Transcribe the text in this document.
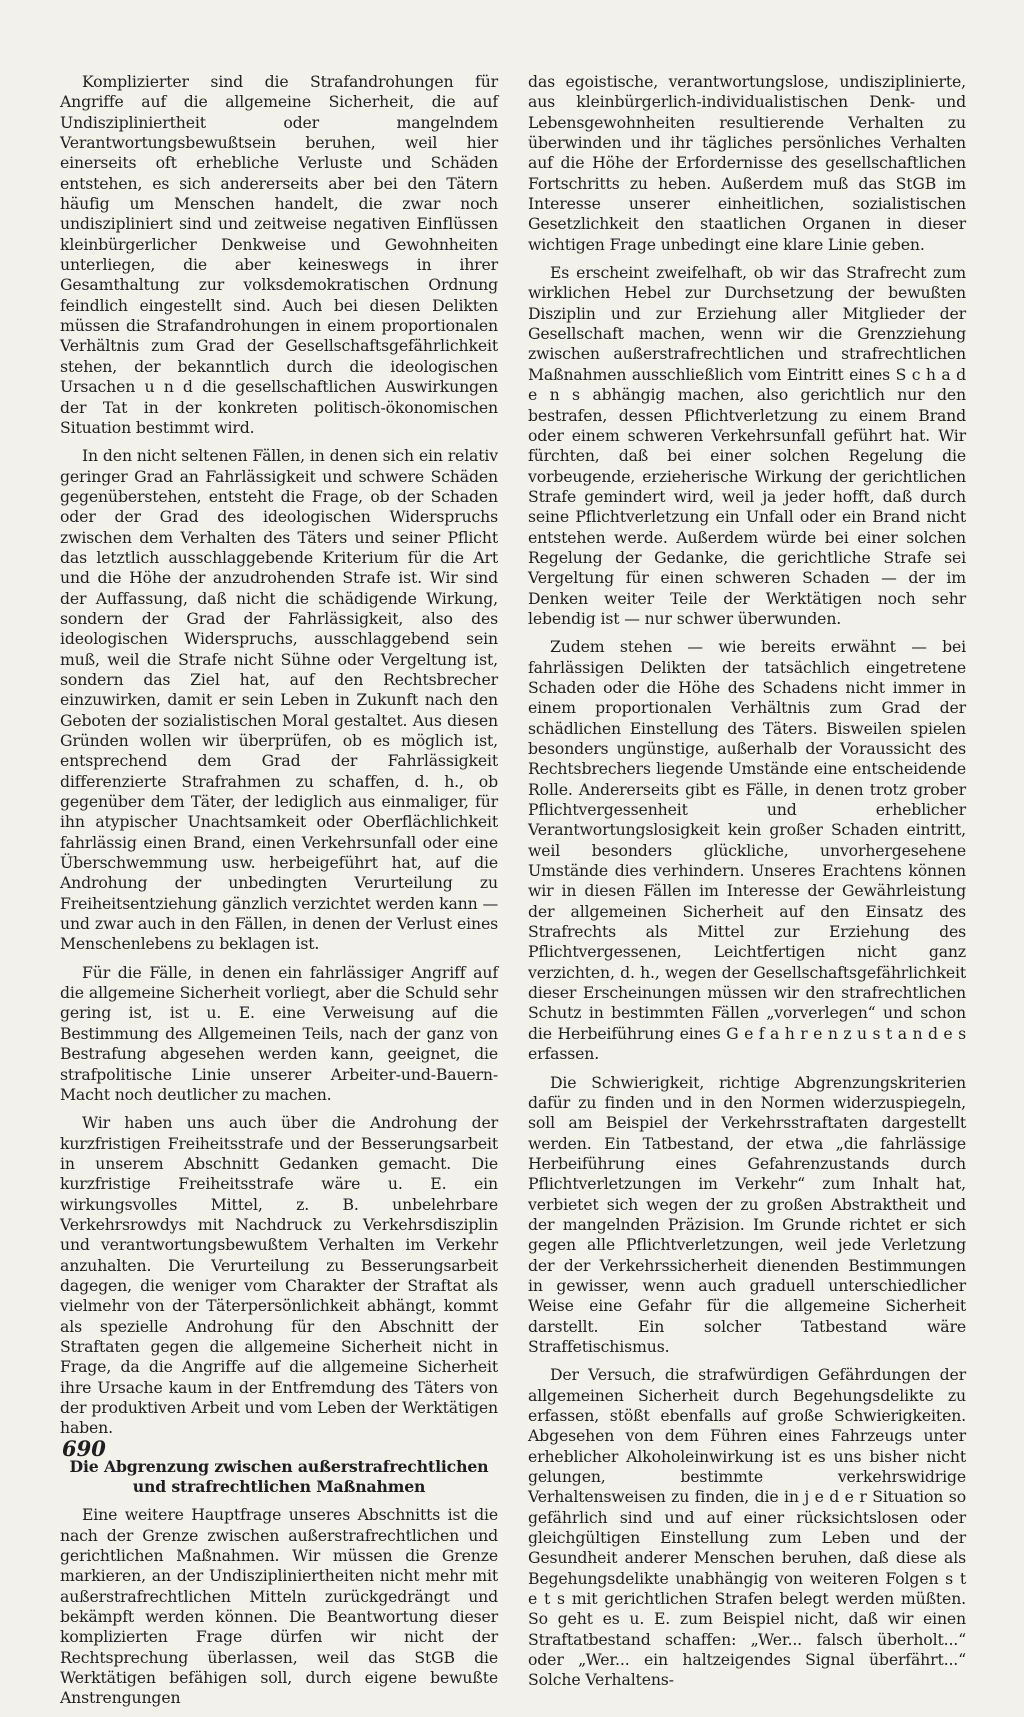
Komplizierter sind die Strafandrohungen für Angriffe auf die allgemeine Sicherheit, die auf Undiszipliniertheit oder mangelndem Verantwortungsbewußtsein beruhen, weil hier einerseits oft erhebliche Verluste und Schäden entstehen, es sich andererseits aber bei den Tätern häufig um Menschen handelt, die zwar noch undiszipliniert sind und zeitweise negativen Einflüssen kleinbürgerlicher Denkweise und Gewohnheiten unterliegen, die aber keineswegs in ihrer Gesamthaltung zur volksdemokratischen Ordnung feindlich eingestellt sind. Auch bei diesen Delikten müssen die Strafandrohungen in einem proportionalen Verhältnis zum Grad der Gesellschaftsgefährlichkeit stehen, der bekanntlich durch die ideologischen Ursachen u n d die gesellschaftlichen Auswirkungen der Tat in der konkreten politisch-ökonomischen Situation bestimmt wird.

In den nicht seltenen Fällen, in denen sich ein relativ geringer Grad an Fahrlässigkeit und schwere Schäden gegenüberstehen, entsteht die Frage, ob der Schaden oder der Grad des ideologischen Widerspruchs zwischen dem Verhalten des Täters und seiner Pflicht das letztlich ausschlaggebende Kriterium für die Art und die Höhe der anzudrohenden Strafe ist. Wir sind der Auffassung, daß nicht die schädigende Wirkung, sondern der Grad der Fahrlässigkeit, also des ideologischen Widerspruchs, ausschlaggebend sein muß, weil die Strafe nicht Sühne oder Vergeltung ist, sondern das Ziel hat, auf den Rechtsbrecher einzuwirken, damit er sein Leben in Zukunft nach den Geboten der sozialistischen Moral gestaltet. Aus diesen Gründen wollen wir überprüfen, ob es möglich ist, entsprechend dem Grad der Fahrlässigkeit differenzierte Strafrahmen zu schaffen, d. h., ob gegenüber dem Täter, der lediglich aus einmaliger, für ihn atypischer Unachtsamkeit oder Oberflächlichkeit fahrlässig einen Brand, einen Verkehrsunfall oder eine Überschwemmung usw. herbeigeführt hat, auf die Androhung der unbedingten Verurteilung zu Freiheitsentziehung gänzlich verzichtet werden kann — und zwar auch in den Fällen, in denen der Verlust eines Menschenlebens zu beklagen ist.

Für die Fälle, in denen ein fahrlässiger Angriff auf die allgemeine Sicherheit vorliegt, aber die Schuld sehr gering ist, ist u. E. eine Verweisung auf die Bestimmung des Allgemeinen Teils, nach der ganz von Bestrafung abgesehen werden kann, geeignet, die strafpolitische Linie unserer Arbeiter-und-Bauern-Macht noch deutlicher zu machen.

Wir haben uns auch über die Androhung der kurzfristigen Freiheitsstrafe und der Besserungsarbeit in unserem Abschnitt Gedanken gemacht. Die kurzfristige Freiheitsstrafe wäre u. E. ein wirkungsvolles Mittel, z. B. unbelehrbare Verkehrsrowdys mit Nachdruck zu Verkehrsdisziplin und verantwortungsbewußtem Verhalten im Verkehr anzuhalten. Die Verurteilung zu Besserungsarbeit dagegen, die weniger vom Charakter der Straftat als vielmehr von der Täterpersönlichkeit abhängt, kommt als spezielle Androhung für den Abschnitt der Straftaten gegen die allgemeine Sicherheit nicht in Frage, da die Angriffe auf die allgemeine Sicherheit ihre Ursache kaum in der Entfremdung des Täters von der produktiven Arbeit und vom Leben der Werktätigen haben.

Die Abgrenzung zwischen außerstrafrechtlichen und strafrechtlichen Maßnahmen

Eine weitere Hauptfrage unseres Abschnitts ist die nach der Grenze zwischen außerstrafrechtlichen und gerichtlichen Maßnahmen. Wir müssen die Grenze markieren, an der Undiszipliniertheiten nicht mehr mit außerstrafrechtlichen Mitteln zurückgedrängt und bekämpft werden können. Die Beantwortung dieser komplizierten Frage dürfen wir nicht der Rechtsprechung überlassen, weil das StGB die Werktätigen befähigen soll, durch eigene bewußte Anstrengungen

das egoistische, verantwortungslose, undisziplinierte, aus kleinbürgerlich-individualistischen Denk- und Lebensgewohnheiten resultierende Verhalten zu überwinden und ihr tägliches persönliches Verhalten auf die Höhe der Erfordernisse des gesellschaftlichen Fortschritts zu heben. Außerdem muß das StGB im Interesse unserer einheitlichen, sozialistischen Gesetzlichkeit den staatlichen Organen in dieser wichtigen Frage unbedingt eine klare Linie geben.

Es erscheint zweifelhaft, ob wir das Strafrecht zum wirklichen Hebel zur Durchsetzung der bewußten Disziplin und zur Erziehung aller Mitglieder der Gesellschaft machen, wenn wir die Grenzziehung zwischen außerstrafrechtlichen und strafrechtlichen Maßnahmen ausschließlich vom Eintritt eines S c h a d e n s abhängig machen, also gerichtlich nur den bestrafen, dessen Pflichtverletzung zu einem Brand oder einem schweren Verkehrsunfall geführt hat. Wir fürchten, daß bei einer solchen Regelung die vorbeugende, erzieherische Wirkung der gerichtlichen Strafe gemindert wird, weil ja jeder hofft, daß durch seine Pflichtverletzung ein Unfall oder ein Brand nicht entstehen werde. Außerdem würde bei einer solchen Regelung der Gedanke, die gerichtliche Strafe sei Vergeltung für einen schweren Schaden — der im Denken weiter Teile der Werktätigen noch sehr lebendig ist — nur schwer überwunden.

Zudem stehen — wie bereits erwähnt — bei fahrlässigen Delikten der tatsächlich eingetretene Schaden oder die Höhe des Schadens nicht immer in einem proportionalen Verhältnis zum Grad der schädlichen Einstellung des Täters. Bisweilen spielen besonders ungünstige, außerhalb der Voraussicht des Rechtsbrechers liegende Umstände eine entscheidende Rolle. Andererseits gibt es Fälle, in denen trotz grober Pflichtvergessenheit und erheblicher Verantwortungslosigkeit kein großer Schaden eintritt, weil besonders glückliche, unvorhergesehene Umstände dies verhindern. Unseres Erachtens können wir in diesen Fällen im Interesse der Gewährleistung der allgemeinen Sicherheit auf den Einsatz des Strafrechts als Mittel zur Erziehung des Pflichtvergessenen, Leichtfertigen nicht ganz verzichten, d. h., wegen der Gesellschaftsgefährlichkeit dieser Erscheinungen müssen wir den strafrechtlichen Schutz in bestimmten Fällen „vorverlegen“ und schon die Herbeiführung eines G e f a h r e n z u s t a n d e s erfassen.

Die Schwierigkeit, richtige Abgrenzungskriterien dafür zu finden und in den Normen widerzuspiegeln, soll am Beispiel der Verkehrsstraftaten dargestellt werden. Ein Tatbestand, der etwa „die fahrlässige Herbeiführung eines Gefahrenzustands durch Pflichtverletzungen im Verkehr“ zum Inhalt hat, verbietet sich wegen der zu großen Abstraktheit und der mangelnden Präzision. Im Grunde richtet er sich gegen alle Pflichtverletzungen, weil jede Verletzung der der Verkehrssicherheit dienenden Bestimmungen in gewisser, wenn auch graduell unterschiedlicher Weise eine Gefahr für die allgemeine Sicherheit darstellt. Ein solcher Tatbestand wäre Straffetischismus.

Der Versuch, die strafwürdigen Gefährdungen der allgemeinen Sicherheit durch Begehungsdelikte zu erfassen, stößt ebenfalls auf große Schwierigkeiten. Abgesehen von dem Führen eines Fahrzeugs unter erheblicher Alkoholeinwirkung ist es uns bisher nicht gelungen, bestimmte verkehrswidrige Verhaltensweisen zu finden, die in j e d e r Situation so gefährlich sind und auf einer rücksichtslosen oder gleichgültigen Einstellung zum Leben und der Gesundheit anderer Menschen beruhen, daß diese als Begehungsdelikte unabhängig von weiteren Folgen s t e t s mit gerichtlichen Strafen belegt werden müßten. So geht es u. E. zum Beispiel nicht, daß wir einen Straftatbestand schaffen: „Wer... falsch überholt...“ oder „Wer... ein haltzeigendes Signal überfährt...“ Solche Verhaltens-

690
